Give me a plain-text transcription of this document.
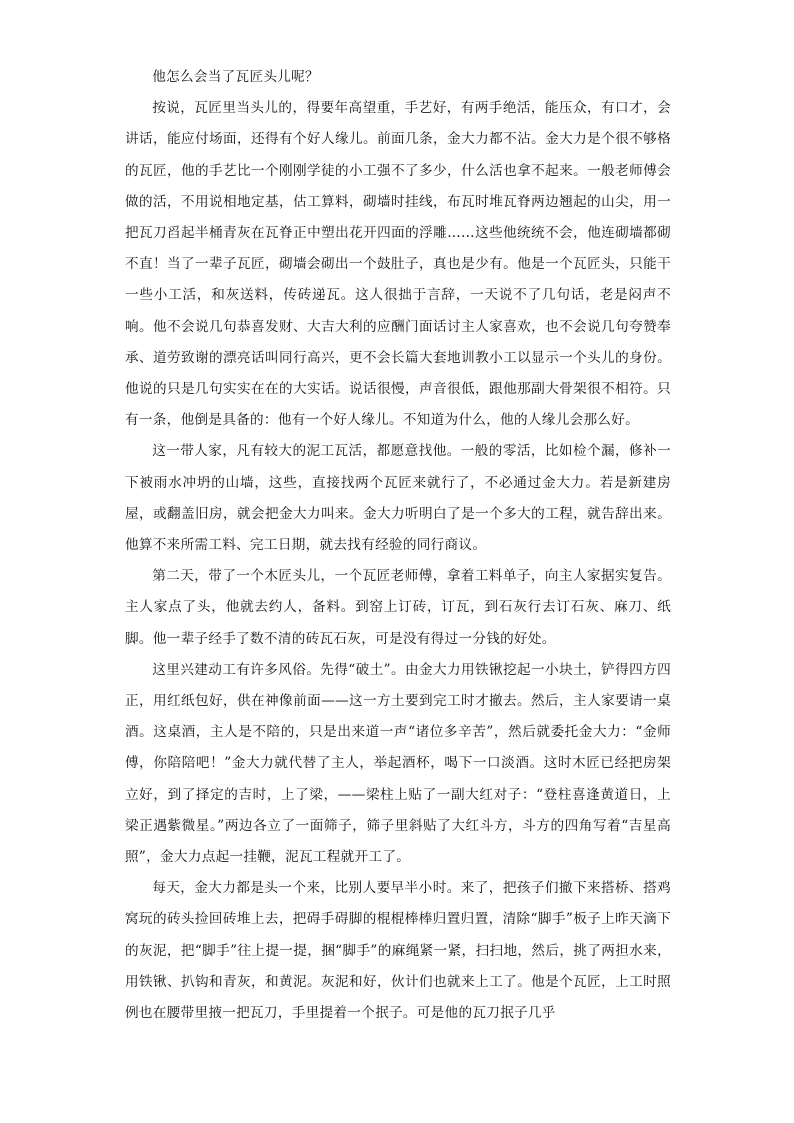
他怎么会当了瓦匠头儿呢？

按说，瓦匠里当头儿的，得要年高望重，手艺好，有两手绝活，能压众，有口才，会讲话，能应付场面，还得有个好人缘儿。前面几条，金大力都不沾。金大力是个很不够格的瓦匠，他的手艺比一个刚刚学徒的小工强不了多少，什么活也拿不起来。一般老师傅会做的活，不用说相地定基，估工算料，砌墙时挂线，布瓦时堆瓦脊两边翘起的山尖，用一把瓦刀舀起半桶青灰在瓦脊正中塑出花开四面的浮雕……这些他统统不会，他连砌墙都砌不直！当了一辈子瓦匠，砌墙会砌出一个鼓肚子，真也是少有。他是一个瓦匠头，只能干一些小工活，和灰送料，传砖递瓦。这人很拙于言辞，一天说不了几句话，老是闷声不响。他不会说几句恭喜发财、大吉大利的应酬门面话讨主人家喜欢，也不会说几句夸赞奉承、道劳致谢的漂亮话叫同行高兴，更不会长篇大套地训教小工以显示一个头儿的身份。他说的只是几句实实在在的大实话。说话很慢，声音很低，跟他那副大骨架很不相符。只有一条，他倒是具备的：他有一个好人缘儿。不知道为什么，他的人缘儿会那么好。

这一带人家，凡有较大的泥工瓦活，都愿意找他。一般的零活，比如检个漏，修补一下被雨水冲坍的山墙，这些，直接找两个瓦匠来就行了，不必通过金大力。若是新建房屋，或翻盖旧房，就会把金大力叫来。金大力听明白了是一个多大的工程，就告辞出来。他算不来所需工料、完工日期，就去找有经验的同行商议。

第二天，带了一个木匠头儿，一个瓦匠老师傅，拿着工料单子，向主人家据实复告。主人家点了头，他就去约人，备料。到窑上订砖，订瓦，到石灰行去订石灰、麻刀、纸脚。他一辈子经手了数不清的砖瓦石灰，可是没有得过一分钱的好处。

这里兴建动工有许多风俗。先得“破土”。由金大力用铁锹挖起一小块土，铲得四方四正，用红纸包好，供在神像前面——这一方土要到完工时才撤去。然后，主人家要请一桌酒。这桌酒，主人是不陪的，只是出来道一声“诸位多辛苦”，然后就委托金大力：“金师傅，你陪陪吧！”金大力就代替了主人，举起酒杯，喝下一口淡酒。这时木匠已经把房架立好，到了择定的吉时，上了梁，——梁柱上贴了一副大红对子：“登柱喜逢黄道日，上梁正遇紫微星。”两边各立了一面筛子，筛子里斜贴了大红斗方，斗方的四角写着“吉星高照”，金大力点起一挂鞭，泥瓦工程就开工了。

每天，金大力都是头一个来，比别人要早半小时。来了，把孩子们撤下来搭桥、搭鸡窝玩的砖头捡回砖堆上去，把碍手碍脚的棍棍棒棒归置归置，清除“脚手”板子上昨天滴下的灰泥，把“脚手”往上提一提，捆“脚手”的麻绳紧一紧，扫扫地，然后，挑了两担水来，用铁锹、扒钩和青灰，和黄泥。灰泥和好，伙计们也就来上工了。他是个瓦匠，上工时照例也在腰带里掖一把瓦刀，手里提着一个抿子。可是他的瓦刀抿子几乎
